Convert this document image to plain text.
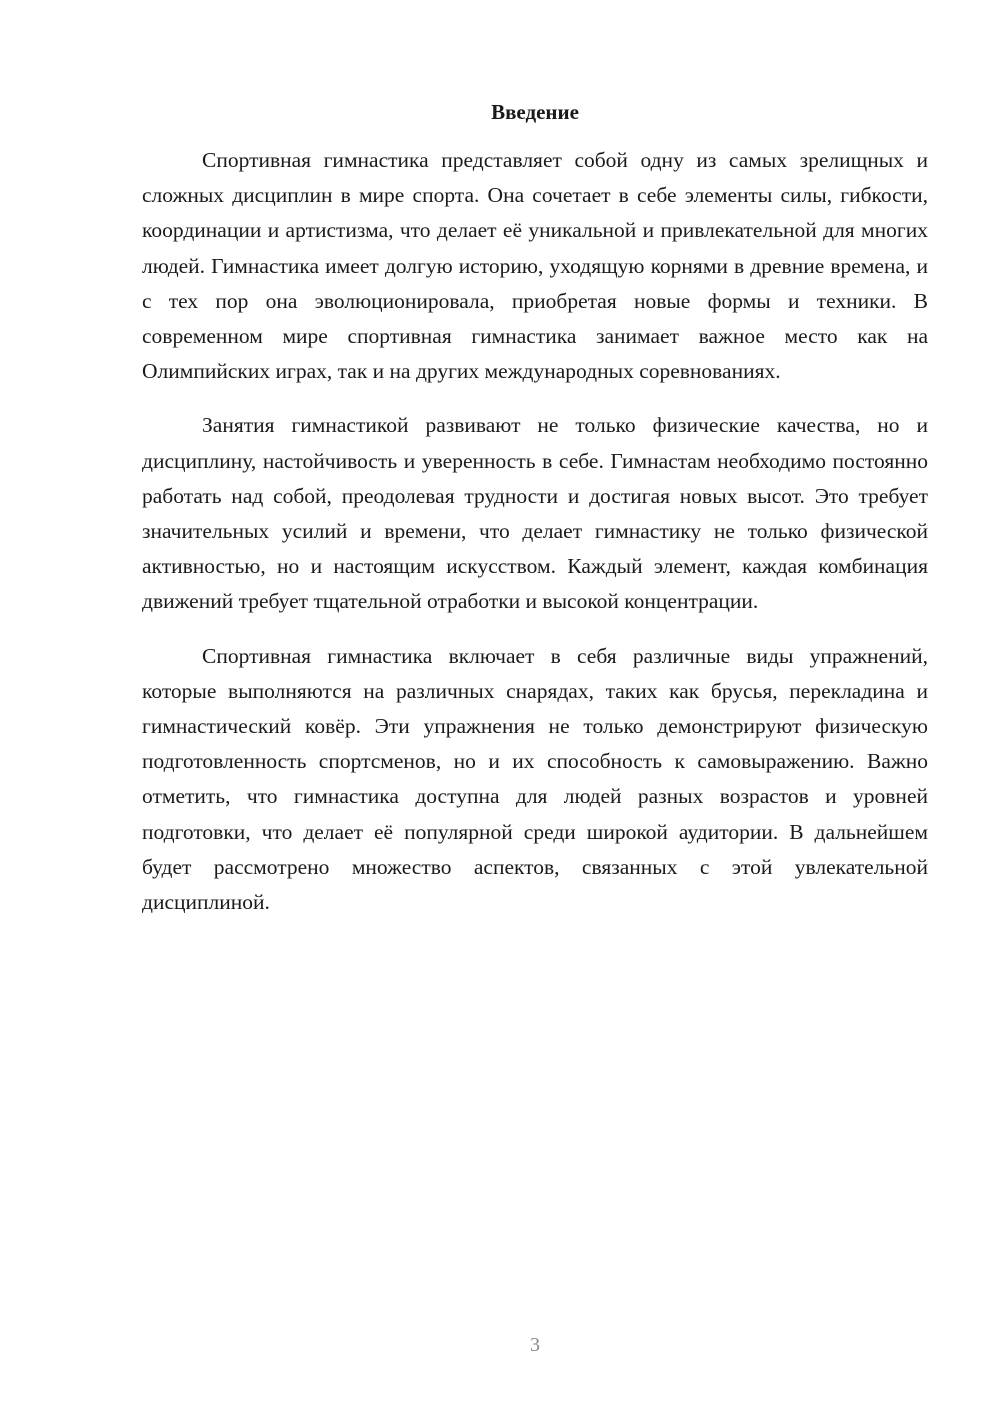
Введение

Спортивная гимнастика представляет собой одну из самых зрелищных и сложных дисциплин в мире спорта. Она сочетает в себе элементы силы, гибкости, координации и артистизма, что делает её уникальной и привлекательной для многих людей. Гимнастика имеет долгую историю, уходящую корнями в древние времена, и с тех пор она эволюционировала, приобретая новые формы и техники. В современном мире спортивная гимнастика занимает важное место как на Олимпийских играх, так и на других международных соревнованиях.

Занятия гимнастикой развивают не только физические качества, но и дисциплину, настойчивость и уверенность в себе. Гимнастам необходимо постоянно работать над собой, преодолевая трудности и достигая новых высот. Это требует значительных усилий и времени, что делает гимнастику не только физической активностью, но и настоящим искусством. Каждый элемент, каждая комбинация движений требует тщательной отработки и высокой концентрации.

Спортивная гимнастика включает в себя различные виды упражнений, которые выполняются на различных снарядах, таких как брусья, перекладина и гимнастический ковёр. Эти упражнения не только демонстрируют физическую подготовленность спортсменов, но и их способность к самовыражению. Важно отметить, что гимнастика доступна для людей разных возрастов и уровней подготовки, что делает её популярной среди широкой аудитории. В дальнейшем будет рассмотрено множество аспектов, связанных с этой увлекательной дисциплиной.

3
